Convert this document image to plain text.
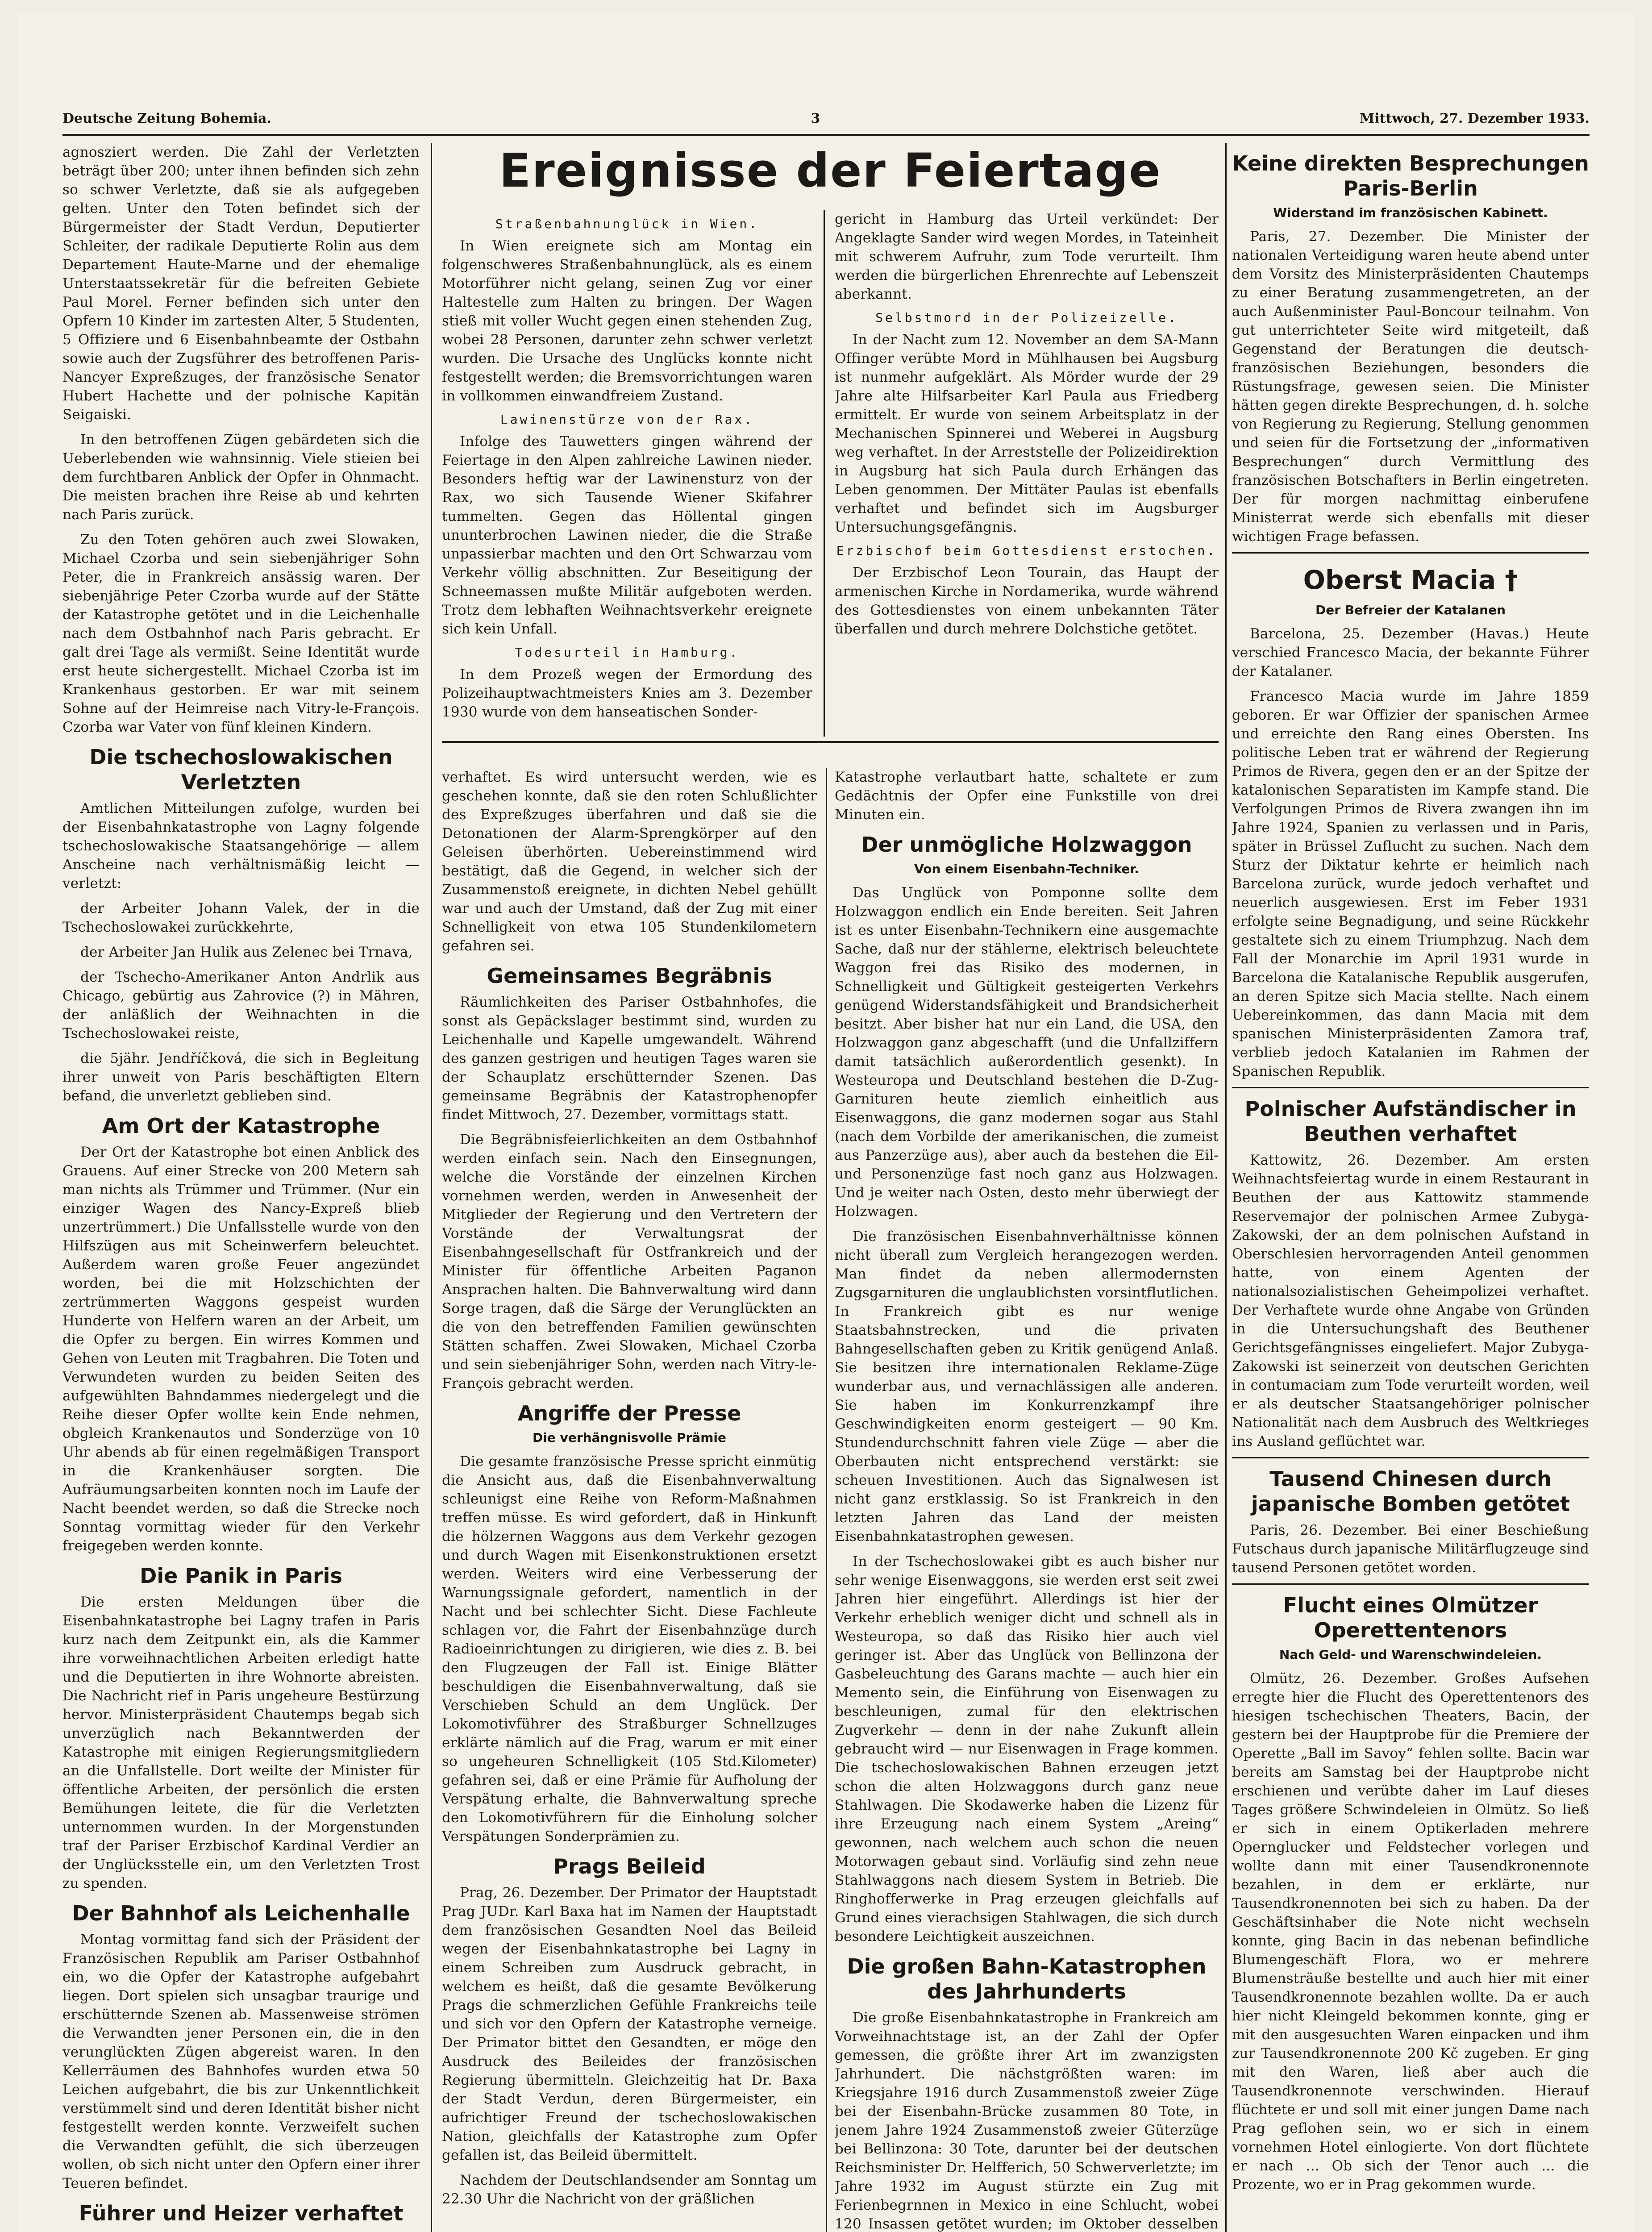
Deutsche Zeitung Bohemia.	3	Mittwoch, 27. Dezember 1933.

agnosziert werden. Die Zahl der Verletzten beträgt über 200; unter ihnen befinden sich zehn so schwer Verletzte, daß sie als aufgegeben gelten. Unter den Toten befindet sich der Bürgermeister der Stadt Verdun, Deputierter Schleiter, der radikale Deputierte Rolin aus dem Departement Haute-Marne und der ehemalige Unterstaatssekretär für die befreiten Gebiete Paul Morel. Ferner befinden sich unter den Opfern 10 Kinder im zartesten Alter, 5 Studenten, 5 Offiziere und 6 Eisenbahnbeamte der Ostbahn sowie auch der Zugsführer des betroffenen Paris-Nancyer Expreßzuges, der französische Senator Hubert Hachette und der polnische Kapitän Seigaiski.

In den betroffenen Zügen gebärdeten sich die Ueberlebenden wie wahnsinnig. Viele stieien bei dem furchtbaren Anblick der Opfer in Ohnmacht. Die meisten brachen ihre Reise ab und kehrten nach Paris zurück.

Zu den Toten gehören auch zwei Slowaken, Michael Czorba und sein siebenjähriger Sohn Peter, die in Frankreich ansässig waren. Der siebenjährige Peter Czorba wurde auf der Stätte der Katastrophe getötet und in die Leichenhalle nach dem Ostbahnhof nach Paris gebracht. Er galt drei Tage als vermißt. Seine Identität wurde erst heute sichergestellt. Michael Czorba ist im Krankenhaus gestorben. Er war mit seinem Sohne auf der Heimreise nach Vitry-le-François. Czorba war Vater von fünf kleinen Kindern.

Die tschechoslowakischen Verletzten

Amtlichen Mitteilungen zufolge, wurden bei der Eisenbahnkatastrophe von Lagny folgende tschechoslowakische Staatsangehörige — allem Anscheine nach verhältnismäßig leicht — verletzt:

der Arbeiter Johann Valek, der in die Tschechoslowakei zurückkehrte,

der Arbeiter Jan Hulik aus Zelenec bei Trnava,

der Tschecho-Amerikaner Anton Andrlik aus Chicago, gebürtig aus Zahrovice (?) in Mähren, der anläßlich der Weihnachten in die Tschechoslowakei reiste,

die 5jähr. Jendříčková, die sich in Begleitung ihrer unweit von Paris beschäftigten Eltern befand, die unverletzt geblieben sind.

Am Ort der Katastrophe

Der Ort der Katastrophe bot einen Anblick des Grauens. Auf einer Strecke von 200 Metern sah man nichts als Trümmer und Trümmer. (Nur ein einziger Wagen des Nancy-Expreß blieb unzertrümmert.) Die Unfallsstelle wurde von den Hilfszügen aus mit Scheinwerfern beleuchtet. Außerdem waren große Feuer angezündet worden, bei die mit Holzschichten der zertrümmerten Waggons gespeist wurden Hunderte von Helfern waren an der Arbeit, um die Opfer zu bergen. Ein wirres Kommen und Gehen von Leuten mit Tragbahren. Die Toten und Verwundeten wurden zu beiden Seiten des aufgewühlten Bahndammes niedergelegt und die Reihe dieser Opfer wollte kein Ende nehmen, obgleich Krankenautos und Sonderzüge von 10 Uhr abends ab für einen regelmäßigen Transport in die Krankenhäuser sorgten. Die Aufräumungsarbeiten konnten noch im Laufe der Nacht beendet werden, so daß die Strecke noch Sonntag vormittag wieder für den Verkehr freigegeben werden konnte.

Die Panik in Paris

Die ersten Meldungen über die Eisenbahnkatastrophe bei Lagny trafen in Paris kurz nach dem Zeitpunkt ein, als die Kammer ihre vorweihnachtlichen Arbeiten erledigt hatte und die Deputierten in ihre Wohnorte abreisten. Die Nachricht rief in Paris ungeheure Bestürzung hervor. Ministerpräsident Chautemps begab sich unverzüglich nach Bekanntwerden der Katastrophe mit einigen Regierungsmitgliedern an die Unfallstelle. Dort weilte der Minister für öffentliche Arbeiten, der persönlich die ersten Bemühungen leitete, die für die Verletzten unternommen wurden. In der Morgenstunden traf der Pariser Erzbischof Kardinal Verdier an der Unglücksstelle ein, um den Verletzten Trost zu spenden.

Der Bahnhof als Leichenhalle

Montag vormittag fand sich der Präsident der Französischen Republik am Pariser Ostbahnhof ein, wo die Opfer der Katastrophe aufgebahrt liegen. Dort spielen sich unsagbar traurige und erschütternde Szenen ab. Massenweise strömen die Verwandten jener Personen ein, die in den verunglückten Zügen abgereist waren. In den Kellerräumen des Bahnhofes wurden etwa 50 Leichen aufgebahrt, die bis zur Unkenntlichkeit verstümmelt sind und deren Identität bisher nicht festgestellt werden konnte. Verzweifelt suchen die Verwandten gefühlt, die sich überzeugen wollen, ob sich nicht unter den Opfern einer ihrer Teueren befindet.

Führer und Heizer verhaftet

Ereignisse der Feiertage
Straßenbahnunglück in Wien.

In Wien ereignete sich am Montag ein folgenschweres Straßenbahnunglück, als es einem Motorführer nicht gelang, seinen Zug vor einer Haltestelle zum Halten zu bringen. Der Wagen stieß mit voller Wucht gegen einen stehenden Zug, wobei 28 Personen, darunter zehn schwer verletzt wurden. Die Ursache des Unglücks konnte nicht festgestellt werden; die Bremsvorrichtungen waren in vollkommen einwandfreiem Zustand.

Lawinenstürze von der Rax.

Infolge des Tauwetters gingen während der Feiertage in den Alpen zahlreiche Lawinen nieder. Besonders heftig war der Lawinensturz von der Rax, wo sich Tausende Wiener Skifahrer tummelten. Gegen das Höllental gingen ununterbrochen Lawinen nieder, die die Straße unpassierbar machten und den Ort Schwarzau vom Verkehr völlig abschnitten. Zur Beseitigung der Schneemassen mußte Militär aufgeboten werden. Trotz dem lebhaften Weihnachtsverkehr ereignete sich kein Unfall.

Todesurteil in Hamburg.

In dem Prozeß wegen der Ermordung des Polizeihauptwachtmeisters Knies am 3. Dezember 1930 wurde von dem hanseatischen Sonder-

gericht in Hamburg das Urteil verkündet: Der Angeklagte Sander wird wegen Mordes, in Tateinheit mit schwerem Aufruhr, zum Tode verurteilt. Ihm werden die bürgerlichen Ehrenrechte auf Lebenszeit aberkannt.

Selbstmord in der Polizeizelle.

In der Nacht zum 12. November an dem SA-Mann Offinger verübte Mord in Mühlhausen bei Augsburg ist nunmehr aufgeklärt. Als Mörder wurde der 29 Jahre alte Hilfsarbeiter Karl Paula aus Friedberg ermittelt. Er wurde von seinem Arbeitsplatz in der Mechanischen Spinnerei und Weberei in Augsburg weg verhaftet. In der Arreststelle der Polizeidirektion in Augsburg hat sich Paula durch Erhängen das Leben genommen. Der Mittäter Paulas ist ebenfalls verhaftet und befindet sich im Augsburger Untersuchungsgefängnis.

Erzbischof beim Gottesdienst erstochen.

Der Erzbischof Leon Tourain, das Haupt der armenischen Kirche in Nordamerika, wurde während des Gottesdienstes von einem unbekannten Täter überfallen und durch mehrere Dolchstiche getötet.

verhaftet. Es wird untersucht werden, wie es geschehen konnte, daß sie den roten Schlußlichter des Expreßzuges überfahren und daß sie die Detonationen der Alarm-Sprengkörper auf den Geleisen überhörten. Uebereinstimmend wird bestätigt, daß die Gegend, in welcher sich der Zusammenstoß ereignete, in dichten Nebel gehüllt war und auch der Umstand, daß der Zug mit einer Schnelligkeit von etwa 105 Stundenkilometern gefahren sei.

Gemeinsames Begräbnis

Räumlichkeiten des Pariser Ostbahnhofes, die sonst als Gepäckslager bestimmt sind, wurden zu Leichenhalle und Kapelle umgewandelt. Während des ganzen gestrigen und heutigen Tages waren sie der Schauplatz erschütternder Szenen. Das gemeinsame Begräbnis der Katastrophenopfer findet Mittwoch, 27. Dezember, vormittags statt.

Die Begräbnisfeierlichkeiten an dem Ostbahnhof werden einfach sein. Nach den Einsegnungen, welche die Vorstände der einzelnen Kirchen vornehmen werden, werden in Anwesenheit der Mitglieder der Regierung und den Vertretern der Vorstände der Verwaltungsrat der Eisenbahngesellschaft für Ostfrankreich und der Minister für öffentliche Arbeiten Paganon Ansprachen halten. Die Bahnverwaltung wird dann Sorge tragen, daß die Särge der Verunglückten an die von den betreffenden Familien gewünschten Stätten schaffen. Zwei Slowaken, Michael Czorba und sein siebenjähriger Sohn, werden nach Vitry-le-François gebracht werden.

Angriffe der Presse
Die verhängnisvolle Prämie

Die gesamte französische Presse spricht einmütig die Ansicht aus, daß die Eisenbahnverwaltung schleunigst eine Reihe von Reform-Maßnahmen treffen müsse. Es wird gefordert, daß in Hinkunft die hölzernen Waggons aus dem Verkehr gezogen und durch Wagen mit Eisenkonstruktionen ersetzt werden. Weiters wird eine Verbesserung der Warnungssignale gefordert, namentlich in der Nacht und bei schlechter Sicht. Diese Fachleute schlagen vor, die Fahrt der Eisenbahnzüge durch Radioeinrichtungen zu dirigieren, wie dies z. B. bei den Flugzeugen der Fall ist. Einige Blätter beschuldigen die Eisenbahnverwaltung, daß sie Verschieben Schuld an dem Unglück. Der Lokomotivführer des Straßburger Schnellzuges erklärte nämlich auf die Frag, warum er mit einer so ungeheuren Schnelligkeit (105 Std.Kilometer) gefahren sei, daß er eine Prämie für Aufholung der Verspätung erhalte, die Bahnverwaltung spreche den Lokomotivführern für die Einholung solcher Verspätungen Sonderprämien zu.

Prags Beileid

Prag, 26. Dezember. Der Primator der Hauptstadt Prag JUDr. Karl Baxa hat im Namen der Hauptstadt dem französischen Gesandten Noel das Beileid wegen der Eisenbahnkatastrophe bei Lagny in einem Schreiben zum Ausdruck gebracht, in welchem es heißt, daß die gesamte Bevölkerung Prags die schmerzlichen Gefühle Frankreichs teile und sich vor den Opfern der Katastrophe verneige. Der Primator bittet den Gesandten, er möge den Ausdruck des Beileides der französischen Regierung übermitteln. Gleichzeitig hat Dr. Baxa der Stadt Verdun, deren Bürgermeister, ein aufrichtiger Freund der tschechoslowakischen Nation, gleichfalls der Katastrophe zum Opfer gefallen ist, das Beileid übermittelt.

Nachdem der Deutschlandsender am Sonntag um 22.30 Uhr die Nachricht von der gräßlichen

Katastrophe verlautbart hatte, schaltete er zum Gedächtnis der Opfer eine Funkstille von drei Minuten ein.

Der unmögliche Holzwaggon
Von einem Eisenbahn-Techniker.

Das Unglück von Pomponne sollte dem Holzwaggon endlich ein Ende bereiten. Seit Jahren ist es unter Eisenbahn-Technikern eine ausgemachte Sache, daß nur der stählerne, elektrisch beleuchtete Waggon frei das Risiko des modernen, in Schnelligkeit und Gültigkeit gesteigerten Verkehrs genügend Widerstandsfähigkeit und Brandsicherheit besitzt. Aber bisher hat nur ein Land, die USA, den Holzwaggon ganz abgeschafft (und die Unfallziffern damit tatsächlich außerordentlich gesenkt). In Westeuropa und Deutschland bestehen die D-Zug-Garnituren heute ziemlich einheitlich aus Eisenwaggons, die ganz modernen sogar aus Stahl (nach dem Vorbilde der amerikanischen, die zumeist aus Panzerzüge aus), aber auch da bestehen die Eil- und Personenzüge fast noch ganz aus Holzwagen. Und je weiter nach Osten, desto mehr überwiegt der Holzwagen.

Die französischen Eisenbahnverhältnisse können nicht überall zum Vergleich herangezogen werden. Man findet da neben allermodernsten Zugsgarnituren die unglaublichsten vorsintflutlichen. In Frankreich gibt es nur wenige Staatsbahnstrecken, und die privaten Bahngesellschaften geben zu Kritik genügend Anlaß. Sie besitzen ihre internationalen Reklame-Züge wunderbar aus, und vernachlässigen alle anderen. Sie haben im Konkurrenzkampf ihre Geschwindigkeiten enorm gesteigert — 90 Km. Stundendurchschnitt fahren viele Züge — aber die Oberbauten nicht entsprechend verstärkt: sie scheuen Investitionen. Auch das Signalwesen ist nicht ganz erstklassig. So ist Frankreich in den letzten Jahren das Land der meisten Eisenbahnkatastrophen gewesen.

In der Tschechoslowakei gibt es auch bisher nur sehr wenige Eisenwaggons, sie werden erst seit zwei Jahren hier eingeführt. Allerdings ist hier der Verkehr erheblich weniger dicht und schnell als in Westeuropa, so daß das Risiko hier auch viel geringer ist. Aber das Unglück von Bellinzona der Gasbeleuchtung des Garans machte — auch hier ein Memento sein, die Einführung von Eisenwagen zu beschleunigen, zumal für den elektrischen Zugverkehr — denn in der nahe Zukunft allein gebraucht wird — nur Eisenwagen in Frage kommen. Die tschechoslowakischen Bahnen erzeugen jetzt schon die alten Holzwaggons durch ganz neue Stahlwagen. Die Skodawerke haben die Lizenz für ihre Erzeugung nach einem System „Areing“ gewonnen, nach welchem auch schon die neuen Motorwagen gebaut sind. Vorläufig sind zehn neue Stahlwaggons nach diesem System in Betrieb. Die Ringhofferwerke in Prag erzeugen gleichfalls auf Grund eines vierachsigen Stahlwagen, die sich durch besondere Leichtigkeit auszeichnen.

Die großen Bahn-Katastrophen des Jahrhunderts

Die große Eisenbahnkatastrophe in Frankreich am Vorweihnachtstage ist, an der Zahl der Opfer gemessen, die größte ihrer Art im zwanzigsten Jahrhundert. Die nächstgrößten waren: im Kriegsjahre 1916 durch Zusammenstoß zweier Züge bei der Eisenbahn-Brücke zusammen 80 Tote, in jenem Jahre 1924 Zusammenstoß zweier Güterzüge bei Bellinzona: 30 Tote, darunter bei der deutschen Reichsminister Dr. Helfferich, 50 Schwerverletzte; im Jahre 1932 im August stürzte ein Zug mit Ferienbegrnnen in Mexico in eine Schlucht, wobei 120 Insassen getötet wurden; im Oktober desselben

Keine direkten Besprechungen Paris-Berlin
Widerstand im französischen Kabinett.

Paris, 27. Dezember. Die Minister der nationalen Verteidigung waren heute abend unter dem Vorsitz des Ministerpräsidenten Chautemps zu einer Beratung zusammengetreten, an der auch Außenminister Paul-Boncour teilnahm. Von gut unterrichteter Seite wird mitgeteilt, daß Gegenstand der Beratungen die deutsch-französischen Beziehungen, besonders die Rüstungsfrage, gewesen seien. Die Minister hätten gegen direkte Besprechungen, d. h. solche von Regierung zu Regierung, Stellung genommen und seien für die Fortsetzung der „informativen Besprechungen“ durch Vermittlung des französischen Botschafters in Berlin eingetreten. Der für morgen nachmittag einberufene Ministerrat werde sich ebenfalls mit dieser wichtigen Frage befassen.

Oberst Macia †
Der Befreier der Katalanen

Barcelona, 25. Dezember (Havas.) Heute verschied Francesco Macia, der bekannte Führer der Katalaner.

Francesco Macia wurde im Jahre 1859 geboren. Er war Offizier der spanischen Armee und erreichte den Rang eines Obersten. Ins politische Leben trat er während der Regierung Primos de Rivera, gegen den er an der Spitze der katalonischen Separatisten im Kampfe stand. Die Verfolgungen Primos de Rivera zwangen ihn im Jahre 1924, Spanien zu verlassen und in Paris, später in Brüssel Zuflucht zu suchen. Nach dem Sturz der Diktatur kehrte er heimlich nach Barcelona zurück, wurde jedoch verhaftet und neuerlich ausgewiesen. Erst im Feber 1931 erfolgte seine Begnadigung, und seine Rückkehr gestaltete sich zu einem Triumphzug. Nach dem Fall der Monarchie im April 1931 wurde in Barcelona die Katalanische Republik ausgerufen, an deren Spitze sich Macia stellte. Nach einem Uebereinkommen, das dann Macia mit dem spanischen Ministerpräsidenten Zamora traf, verblieb jedoch Katalanien im Rahmen der Spanischen Republik.

Polnischer Aufständischer in Beuthen verhaftet

Kattowitz, 26. Dezember. Am ersten Weihnachtsfeiertag wurde in einem Restaurant in Beuthen der aus Kattowitz stammende Reservemajor der polnischen Armee Zubyga-Zakowski, der an dem polnischen Aufstand in Oberschlesien hervorragenden Anteil genommen hatte, von einem Agenten der nationalsozialistischen Geheimpolizei verhaftet. Der Verhaftete wurde ohne Angabe von Gründen in die Untersuchungshaft des Beuthener Gerichtsgefängnisses eingeliefert. Major Zubyga-Zakowski ist seinerzeit von deutschen Gerichten in contumaciam zum Tode verurteilt worden, weil er als deutscher Staatsangehöriger polnischer Nationalität nach dem Ausbruch des Weltkrieges ins Ausland geflüchtet war.

Tausend Chinesen durch japanische Bomben getötet

Paris, 26. Dezember. Bei einer Beschießung Futschaus durch japanische Militärflugzeuge sind tausend Personen getötet worden.

Flucht eines Olmützer Operettentenors
Nach Geld- und Warenschwindeleien.

Olmütz, 26. Dezember. Großes Aufsehen erregte hier die Flucht des Operettentenors des hiesigen tschechischen Theaters, Bacin, der gestern bei der Hauptprobe für die Premiere der Operette „Ball im Savoy“ fehlen sollte. Bacin war bereits am Samstag bei der Hauptprobe nicht erschienen und verübte daher im Lauf dieses Tages größere Schwindeleien in Olmütz. So ließ er sich in einem Optikerladen mehrere Opernglucker und Feldstecher vorlegen und wollte dann mit einer Tausendkronennote bezahlen, in dem er erklärte, nur Tausendkronennoten bei sich zu haben. Da der Geschäftsinhaber die Note nicht wechseln konnte, ging Bacin in das nebenan befindliche Blumengeschäft Flora, wo er mehrere Blumensträuße bestellte und auch hier mit einer Tausendkronennote bezahlen wollte. Da er auch hier nicht Kleingeld bekommen konnte, ging er mit den ausgesuchten Waren einpacken und ihm zur Tausendkronennote 200 Kč zugeben. Er ging mit den Waren, ließ aber auch die Tausendkronennote verschwinden. Hierauf flüchtete er und soll mit einer jungen Dame nach Prag geflohen sein, wo er sich in einem vornehmen Hotel einlogierte. Von dort flüchtete er nach ... Ob sich der Tenor auch ... die Prozente, wo er in Prag gekommen wurde.
